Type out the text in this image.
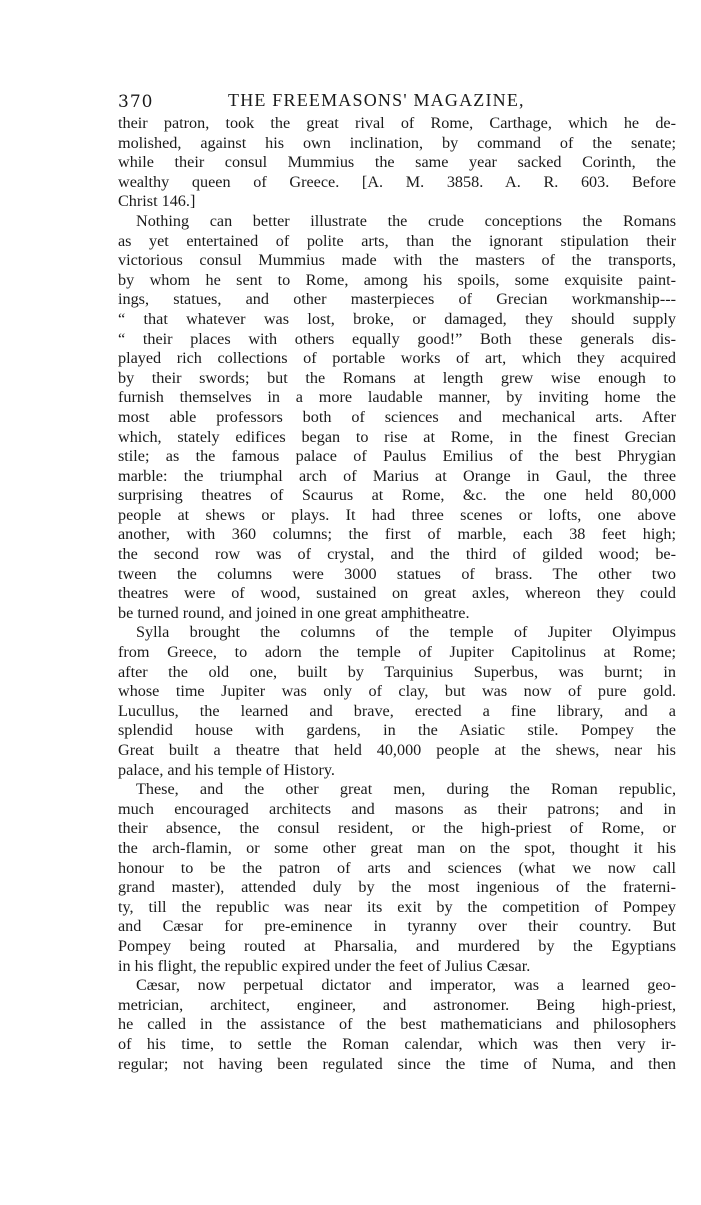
370	THE FREEMASONS' MAGAZINE,
their patron, took the great rival of Rome, Carthage, which he de-
molished, against his own inclination, by command of the senate;
while their consul Mummius the same year sacked Corinth, the
wealthy queen of Greece. [A. M. 3858. A. R. 603. Before
Christ 146.]
Nothing can better illustrate the crude conceptions the Romans
as yet entertained of polite arts, than the ignorant stipulation their
victorious consul Mummius made with the masters of the transports,
by whom he sent to Rome, among his spoils, some exquisite paint-
ings, statues, and other masterpieces of Grecian workmanship---
“ that whatever was lost, broke, or damaged, they should supply
“ their places with others equally good!” Both these generals dis-
played rich collections of portable works of art, which they acquired
by their swords; but the Romans at length grew wise enough to
furnish themselves in a more laudable manner, by inviting home the
most able professors both of sciences and mechanical arts. After
which, stately edifices began to rise at Rome, in the finest Grecian
stile; as the famous palace of Paulus Emilius of the best Phrygian
marble: the triumphal arch of Marius at Orange in Gaul, the three
surprising theatres of Scaurus at Rome, &c. the one held 80,000
people at shews or plays. It had three scenes or lofts, one above
another, with 360 columns; the first of marble, each 38 feet high;
the second row was of crystal, and the third of gilded wood; be-
tween the columns were 3000 statues of brass. The other two
theatres were of wood, sustained on great axles, whereon they could
be turned round, and joined in one great amphitheatre.
Sylla brought the columns of the temple of Jupiter Olyimpus
from Greece, to adorn the temple of Jupiter Capitolinus at Rome;
after the old one, built by Tarquinius Superbus, was burnt; in
whose time Jupiter was only of clay, but was now of pure gold.
Lucullus, the learned and brave, erected a fine library, and a
splendid house with gardens, in the Asiatic stile. Pompey the
Great built a theatre that held 40,000 people at the shews, near his
palace, and his temple of History.
These, and the other great men, during the Roman republic,
much encouraged architects and masons as their patrons; and in
their absence, the consul resident, or the high-priest of Rome, or
the arch-flamin, or some other great man on the spot, thought it his
honour to be the patron of arts and sciences (what we now call
grand master), attended duly by the most ingenious of the fraterni-
ty, till the republic was near its exit by the competition of Pompey
and Cæsar for pre-eminence in tyranny over their country. But
Pompey being routed at Pharsalia, and murdered by the Egyptians
in his flight, the republic expired under the feet of Julius Cæsar.
Cæsar, now perpetual dictator and imperator, was a learned geo-
metrician, architect, engineer, and astronomer. Being high-priest,
he called in the assistance of the best mathematicians and philosophers
of his time, to settle the Roman calendar, which was then very ir-
regular; not having been regulated since the time of Numa, and then
